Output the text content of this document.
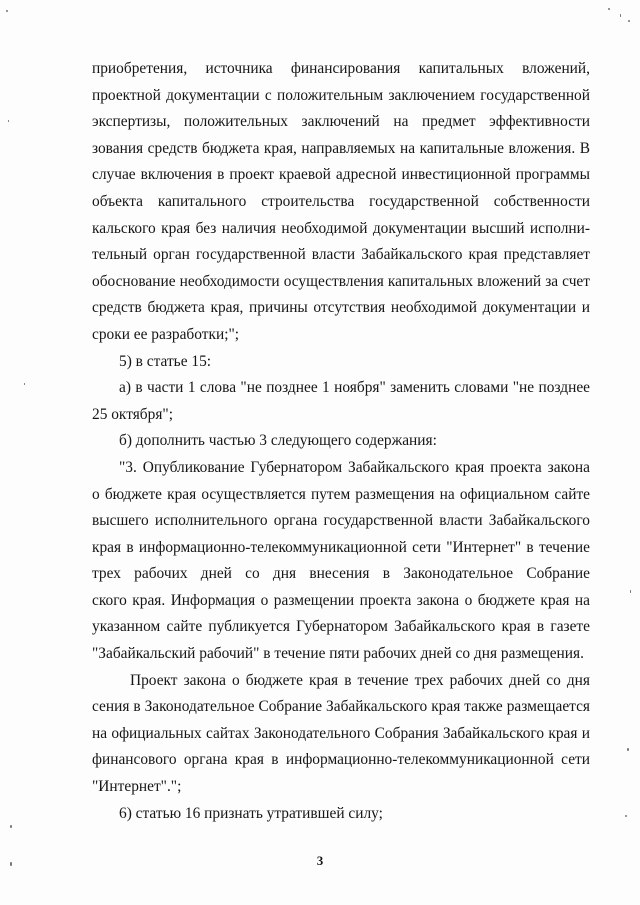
приобретения, источника финансирования капитальных вложений,
проектной документации с положительным заключением государственной
экспертизы, положительных заключений на предмет эффективности
зования средств бюджета края, направляемых на капитальные вложения. В
случае включения в проект краевой адресной инвестиционной программы
объекта капитального строительства государственной собственности
кальского края без наличия необходимой документации высший исполни-
тельный орган государственной власти Забайкальского края представляет
обоснование необходимости осуществления капитальных вложений за счет
средств бюджета края, причины отсутствия необходимой документации и
сроки ее разработки;";
5) в статье 15:
а) в части 1 слова "не позднее 1 ноября" заменить словами "не позднее
25 октября";
б) дополнить частью 3 следующего содержания:
"3. Опубликование Губернатором Забайкальского края проекта закона
о бюджете края осуществляется путем размещения на официальном сайте
высшего исполнительного органа государственной власти Забайкальского
края в информационно-телекоммуникационной сети "Интернет" в течение
трех рабочих дней со дня внесения в Законодательное Собрание
ского края. Информация о размещении проекта закона о бюджете края на
указанном сайте публикуется Губернатором Забайкальского края в газете
"Забайкальский рабочий" в течение пяти рабочих дней со дня размещения.
Проект закона о бюджете края в течение трех рабочих дней со дня
сения в Законодательное Собрание Забайкальского края также размещается
на официальных сайтах Законодательного Собрания Забайкальского края и
финансового органа края в информационно-телекоммуникационной сети
"Интернет".";
6) статью 16 признать утратившей силу;
3
